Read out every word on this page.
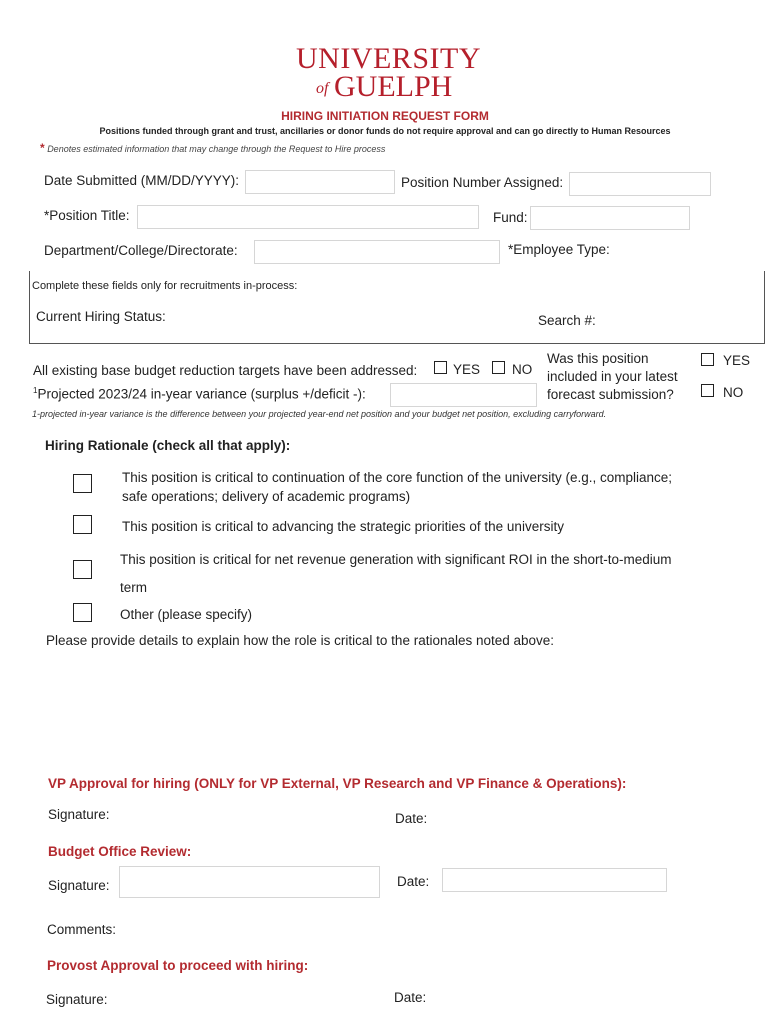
UNIVERSITY
of GUELPH
HIRING INITIATION REQUEST FORM
Positions funded through grant and trust, ancillaries or donor funds do not require approval and can go directly to Human Resources
* Denotes estimated information that may change through the Request to Hire process
Date Submitted (MM/DD/YYYY):	Position Number Assigned:
*Position Title:	Fund:
Department/College/Directorate:	*Employee Type:
Complete these fields only for recruitments in-process:
Current Hiring Status:	Search #:
All existing base budget reduction targets have been addressed:	YES NO
Was this position
included in your latest
forecast submission?
YES
NO
$^1$Projected 2023/24 in-year variance (surplus +/deficit -):
1-projected in-year variance is the difference between your projected year-end net position and your budget net position, excluding carryforward.
Hiring Rationale (check all that apply):
This position is critical to continuation of the core function of the university (e.g., compliance;
safe operations; delivery of academic programs)
This position is critical to advancing the strategic priorities of the university
This position is critical for net revenue generation with significant ROI in the short-to-medium
term
Other (please specify)
Please provide details to explain how the role is critical to the rationales noted above:
VP Approval for hiring (ONLY for VP External, VP Research and VP Finance & Operations):
Signature:	Date:
Budget Office Review:
Signature:	Date:
Comments:
Provost Approval to proceed with hiring:
Signature:	Date:
